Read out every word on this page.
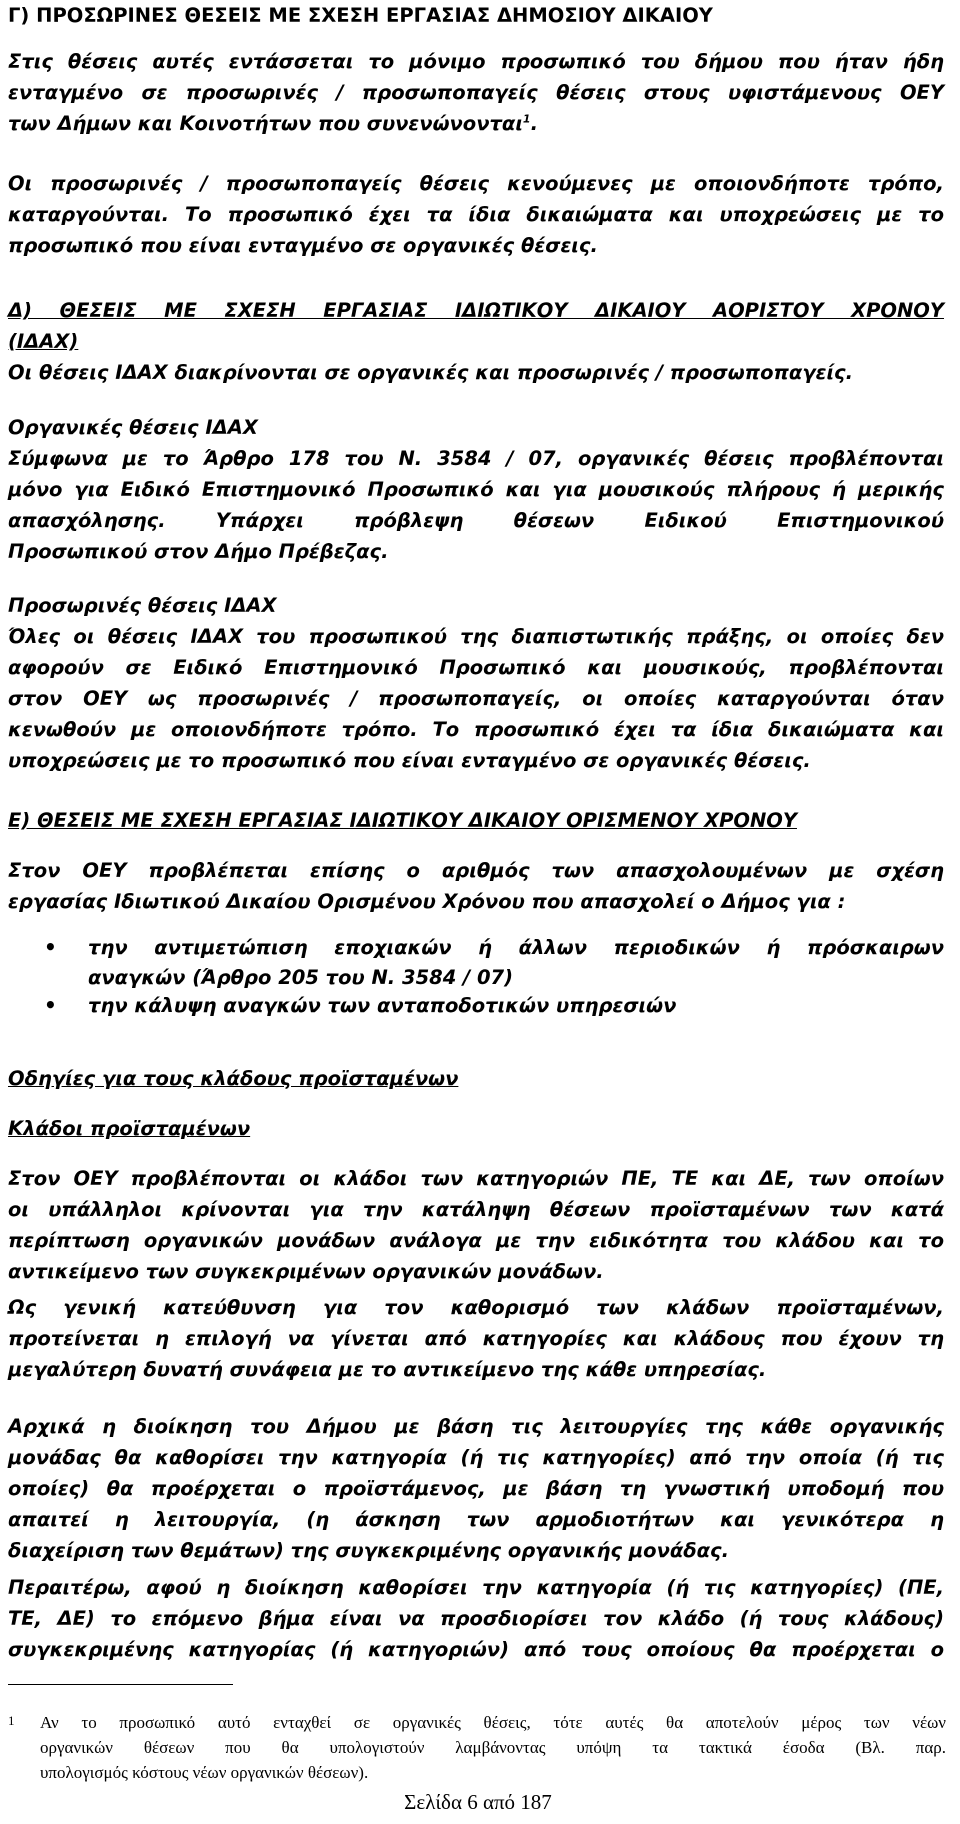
Γ) ΠΡΟΣΩΡΙΝΕΣ ΘΕΣΕΙΣ ΜΕ ΣΧΕΣΗ ΕΡΓΑΣΙΑΣ ΔΗΜΟΣΙΟΥ ΔΙΚΑΙΟΥ
Στις θέσεις αυτές εντάσσεται το μόνιμο προσωπικό του δήμου που ήταν ήδη
ενταγμένο σε προσωρινές / προσωποπαγείς θέσεις στους υφιστάμενους ΟΕΥ
των Δήμων και Κοινοτήτων που συνενώνονται$^1$.
Οι προσωρινές / προσωποπαγείς θέσεις κενούμενες με οποιονδήποτε τρόπο,
καταργούνται. Το προσωπικό έχει τα ίδια δικαιώματα και υποχρεώσεις με το
προσωπικό που είναι ενταγμένο σε οργανικές θέσεις.
Δ) ΘΕΣΕΙΣ ΜΕ ΣΧΕΣΗ ΕΡΓΑΣΙΑΣ ΙΔΙΩΤΙΚΟΥ ΔΙΚΑΙΟΥ ΑΟΡΙΣΤΟΥ ΧΡΟΝΟΥ
(ΙΔΑΧ)
Οι θέσεις ΙΔΑΧ διακρίνονται σε οργανικές και προσωρινές / προσωποπαγείς.
Οργανικές θέσεις ΙΔΑΧ
Σύμφωνα με το Άρθρο 178 του Ν. 3584 / 07, οργανικές θέσεις προβλέπονται
μόνο για Ειδικό Επιστημονικό Προσωπικό και για μουσικούς πλήρους ή μερικής
απασχόλησης. Υπάρχει πρόβλεψη θέσεων Ειδικού Επιστημονικού
Προσωπικού στον Δήμο Πρέβεζας.
Προσωρινές θέσεις ΙΔΑΧ
Όλες οι θέσεις ΙΔΑΧ του προσωπικού της διαπιστωτικής πράξης, οι οποίες δεν
αφορούν σε Ειδικό Επιστημονικό Προσωπικό και μουσικούς, προβλέπονται
στον ΟΕΥ ως προσωρινές / προσωποπαγείς, οι οποίες καταργούνται όταν
κενωθούν με οποιονδήποτε τρόπο. Το προσωπικό έχει τα ίδια δικαιώματα και
υποχρεώσεις με το προσωπικό που είναι ενταγμένο σε οργανικές θέσεις.
Ε) ΘΕΣΕΙΣ ΜΕ ΣΧΕΣΗ ΕΡΓΑΣΙΑΣ ΙΔΙΩΤΙΚΟΥ ΔΙΚΑΙΟΥ ΟΡΙΣΜΕΝΟΥ ΧΡΟΝΟΥ
Στον ΟΕΥ προβλέπεται επίσης ο αριθμός των απασχολουμένων με σχέση
εργασίας Ιδιωτικού Δικαίου Ορισμένου Χρόνου που απασχολεί ο Δήμος για :
• την αντιμετώπιση εποχιακών ή άλλων περιοδικών ή πρόσκαιρων
αναγκών (Άρθρο 205 του Ν. 3584 / 07)
• την κάλυψη αναγκών των ανταποδοτικών υπηρεσιών
Οδηγίες για τους κλάδους προϊσταμένων
Κλάδοι προϊσταμένων
Στον ΟΕΥ προβλέπονται οι κλάδοι των κατηγοριών ΠΕ, ΤΕ και ΔΕ, των οποίων
οι υπάλληλοι κρίνονται για την κατάληψη θέσεων προϊσταμένων των κατά
περίπτωση οργανικών μονάδων ανάλογα με την ειδικότητα του κλάδου και το
αντικείμενο των συγκεκριμένων οργανικών μονάδων.
Ως γενική κατεύθυνση για τον καθορισμό των κλάδων προϊσταμένων,
προτείνεται η επιλογή να γίνεται από κατηγορίες και κλάδους που έχουν τη
μεγαλύτερη δυνατή συνάφεια με το αντικείμενο της κάθε υπηρεσίας.
Αρχικά η διοίκηση του Δήμου με βάση τις λειτουργίες της κάθε οργανικής
μονάδας θα καθορίσει την κατηγορία (ή τις κατηγορίες) από την οποία (ή τις
οποίες) θα προέρχεται ο προϊστάμενος, με βάση τη γνωστική υποδομή που
απαιτεί η λειτουργία, (η άσκηση των αρμοδιοτήτων και γενικότερα η
διαχείριση των θεμάτων) της συγκεκριμένης οργανικής μονάδας.
Περαιτέρω, αφού η διοίκηση καθορίσει την κατηγορία (ή τις κατηγορίες) (ΠΕ,
ΤΕ, ΔΕ) το επόμενο βήμα είναι να προσδιορίσει τον κλάδο (ή τους κλάδους)
συγκεκριμένης κατηγορίας (ή κατηγοριών) από τους οποίους θα προέρχεται ο
1 Αν το προσωπικό αυτό ενταχθεί σε οργανικές θέσεις, τότε αυτές θα αποτελούν μέρος των νέων
οργανικών θέσεων που θα υπολογιστούν λαμβάνοντας υπόψη τα τακτικά έσοδα (Βλ. παρ.
υπολογισμός κόστους νέων οργανικών θέσεων).
Σελίδα 6 από 187
